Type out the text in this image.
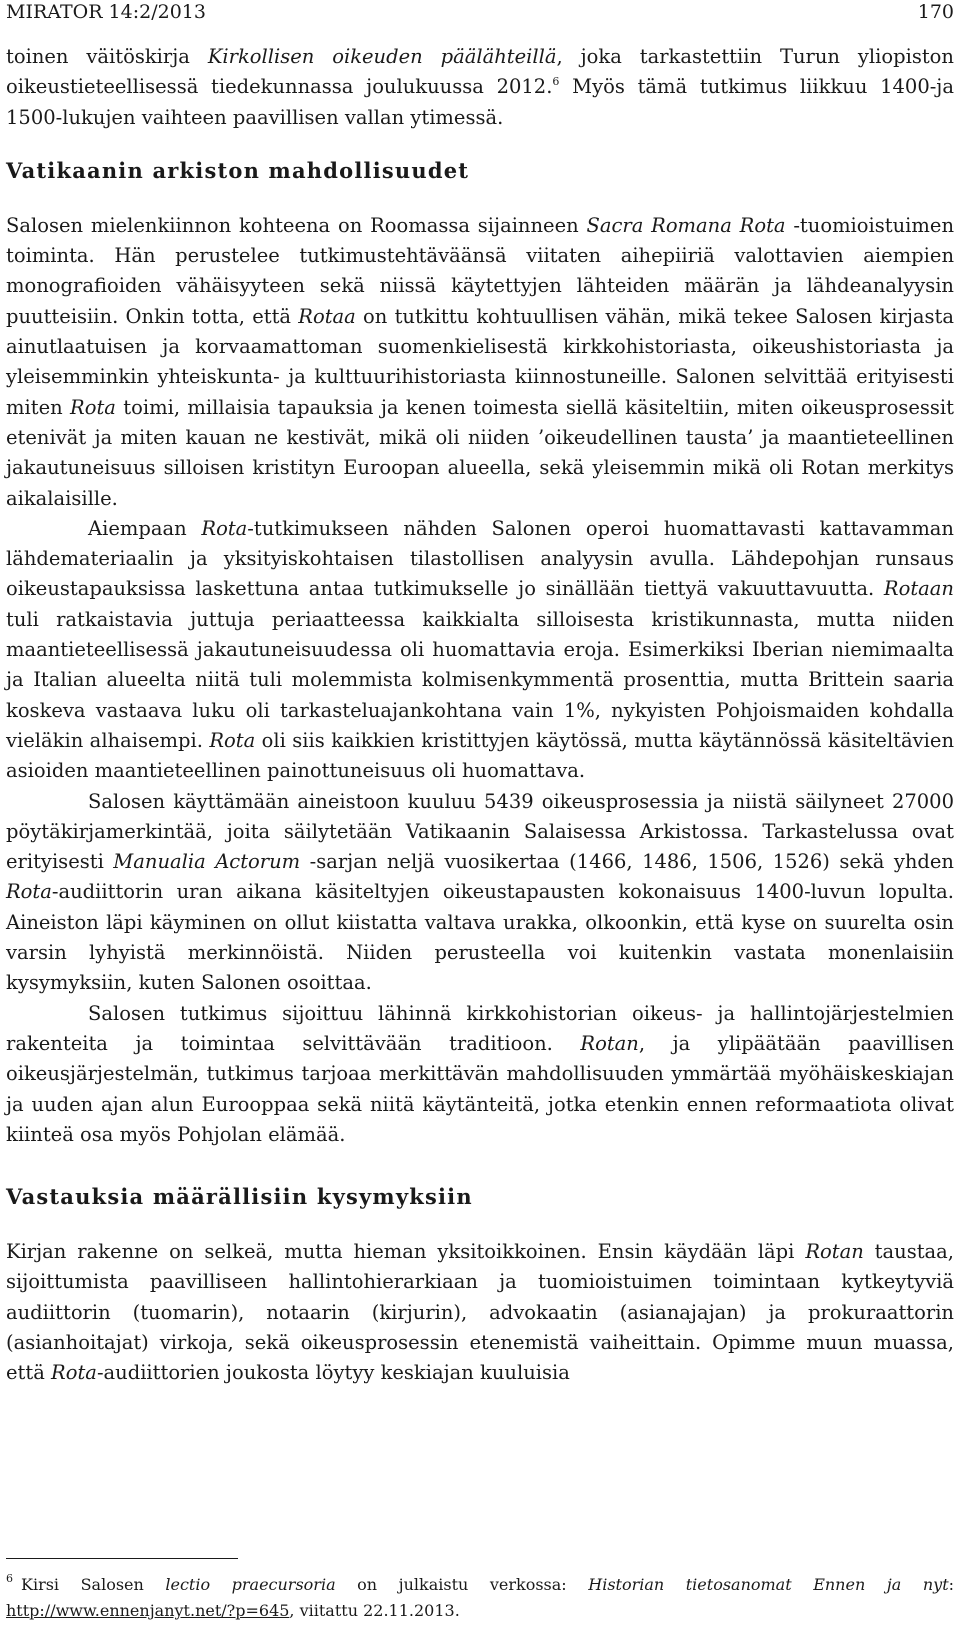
MIRATOR 14:2/2013	170

toinen väitöskirja Kirkollisen oikeuden päälähteillä, joka tarkastettiin Turun yliopiston oikeustieteellisessä tiedekunnassa joulukuussa 2012.$^6$ Myös tämä tutkimus liikkuu 1400-ja 1500-lukujen vaihteen paavillisen vallan ytimessä.

Vatikaanin arkiston mahdollisuudet

Salosen mielenkiinnon kohteena on Roomassa sijainneen Sacra Romana Rota -tuomioistuimen toiminta. Hän perustelee tutkimustehtäväänsä viitaten aihepiiriä valottavien aiempien monografioiden vähäisyyteen sekä niissä käytettyjen lähteiden määrän ja lähdeanalyysin puutteisiin. Onkin totta, että Rotaa on tutkittu kohtuullisen vähän, mikä tekee Salosen kirjasta ainutlaatuisen ja korvaamattoman suomenkielisestä kirkkohistoriasta, oikeushistoriasta ja yleisemminkin yhteiskunta- ja kulttuurihistoriasta kiinnostuneille. Salonen selvittää erityisesti miten Rota toimi, millaisia tapauksia ja kenen toimesta siellä käsiteltiin, miten oikeusprosessit etenivät ja miten kauan ne kestivät, mikä oli niiden ’oikeudellinen tausta’ ja maantieteellinen jakautuneisuus silloisen kristityn Euroopan alueella, sekä yleisemmin mikä oli Rotan merkitys aikalaisille.

Aiempaan Rota-tutkimukseen nähden Salonen operoi huomattavasti kattavamman lähdemateriaalin ja yksityiskohtaisen tilastollisen analyysin avulla. Lähdepohjan runsaus oikeustapauksissa laskettuna antaa tutkimukselle jo sinällään tiettyä vakuuttavuutta. Rotaan tuli ratkaistavia juttuja periaatteessa kaikkialta silloisesta kristikunnasta, mutta niiden maantieteellisessä jakautuneisuudessa oli huomattavia eroja. Esimerkiksi Iberian niemimaalta ja Italian alueelta niitä tuli molemmista kolmisenkymmentä prosenttia, mutta Brittein saaria koskeva vastaava luku oli tarkasteluajankohtana vain 1%, nykyisten Pohjoismaiden kohdalla vieläkin alhaisempi. Rota oli siis kaikkien kristittyjen käytössä, mutta käytännössä käsiteltävien asioiden maantieteellinen painottuneisuus oli huomattava.

Salosen käyttämään aineistoon kuuluu 5439 oikeusprosessia ja niistä säilyneet 27000 pöytäkirjamerkintää, joita säilytetään Vatikaanin Salaisessa Arkistossa. Tarkastelussa ovat erityisesti Manualia Actorum -sarjan neljä vuosikertaa (1466, 1486, 1506, 1526) sekä yhden Rota-audiittorin uran aikana käsiteltyjen oikeustapausten kokonaisuus 1400-luvun lopulta. Aineiston läpi käyminen on ollut kiistatta valtava urakka, olkoonkin, että kyse on suurelta osin varsin lyhyistä merkinnöistä. Niiden perusteella voi kuitenkin vastata monenlaisiin kysymyksiin, kuten Salonen osoittaa.

Salosen tutkimus sijoittuu lähinnä kirkkohistorian oikeus- ja hallintojärjestelmien rakenteita ja toimintaa selvittävään traditioon. Rotan, ja ylipäätään paavillisen oikeusjärjestelmän, tutkimus tarjoaa merkittävän mahdollisuuden ymmärtää myöhäiskeskiajan ja uuden ajan alun Eurooppaa sekä niitä käytänteitä, jotka etenkin ennen reformaatiota olivat kiinteä osa myös Pohjolan elämää.

Vastauksia määrällisiin kysymyksiin

Kirjan rakenne on selkeä, mutta hieman yksitoikkoinen. Ensin käydään läpi Rotan taustaa, sijoittumista paavilliseen hallintohierarkiaan ja tuomioistuimen toimintaan kytkeytyviä audiittorin (tuomarin), notaarin (kirjurin), advokaatin (asianajajan) ja prokuraattorin (asianhoitajat) virkoja, sekä oikeusprosessin etenemistä vaiheittain. Opimme muun muassa, että Rota-audiittorien joukosta löytyy keskiajan kuuluisia

$^6$ Kirsi Salosen lectio praecursoria on julkaistu verkossa: Historian tietosanomat Ennen ja nyt: http://www.ennenjanyt.net/?p=645, viitattu 22.11.2013.
